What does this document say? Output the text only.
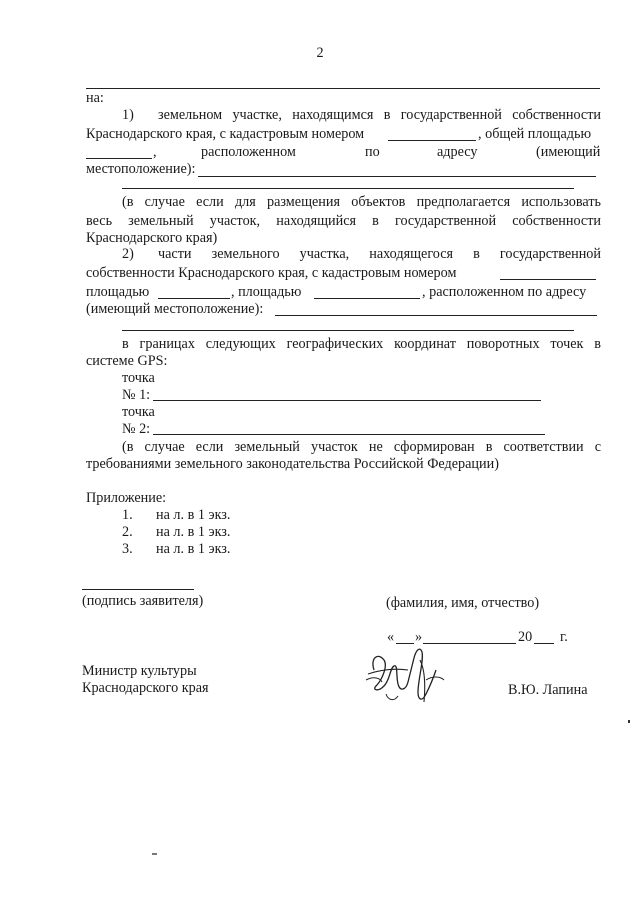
2
на:
1) земельном участке, находящимся в государственной собственности
Краснодарского края, с кадастровым номером	, общей площадью
,	расположенном	по	адресу	(имеющий
местоположение):
(в случае если для размещения объектов предполагается использовать
весь земельный участок, находящийся в государственной собственности
Краснодарского края)
2) части земельного участка, находящегося в государственной
собственности Краснодарского края, с кадастровым номером
площадью	, площадью	, расположенном по адресу
(имеющий местоположение):
в границах следующих географических координат поворотных точек в
системе GPS:
точка
№ 1:
точка
№ 2:
(в случае если земельный участок не сформирован в соответствии с
требованиями земельного законодательства Российской Федерации)
Приложение:
1. на л. в 1 экз.
2. на л. в 1 экз.
3. на л. в 1 экз.
(подпись заявителя)	(фамилия, имя, отчество)
« »	20 г.
Министр культуры
Краснодарского края	В.Ю. Лапина
